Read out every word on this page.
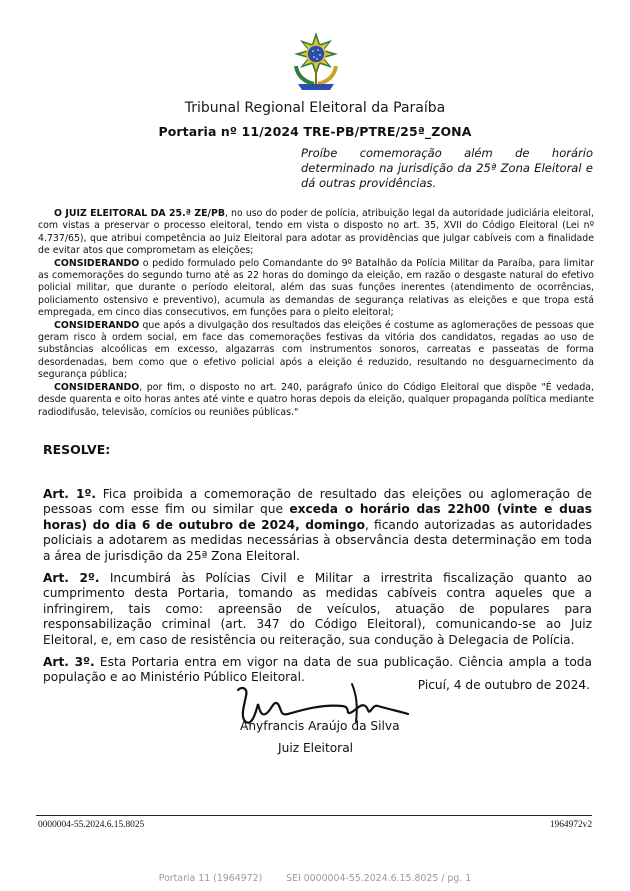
Tribunal Regional Eleitoral da Paraíba
Portaria nº 11/2024 TRE-PB/PTRE/25ª_ZONA
Proíbe comemoração além de horário determinado na jurisdição da 25ª Zona Eleitoral e dá outras providências.

O JUIZ ELEITORAL DA 25.ª ZE/PB, no uso do poder de polícia, atribuição legal da autoridade judiciária eleitoral, com vistas a preservar o processo eleitoral, tendo em vista o disposto no art. 35, XVII do Código Eleitoral (Lei nº 4.737/65), que atribui competência ao Juiz Eleitoral para adotar as providências que julgar cabíveis com a finalidade de evitar atos que comprometam as eleições;

CONSIDERANDO o pedido formulado pelo Comandante do 9º Batalhão da Polícia Militar da Paraíba, para limitar as comemorações do segundo turno até as 22 horas do domingo da eleição, em razão o desgaste natural do efetivo policial militar, que durante o período eleitoral, além das suas funções inerentes (atendimento de ocorrências, policiamento ostensivo e preventivo), acumula as demandas de segurança relativas as eleições e que tropa está empregada, em cinco dias consecutivos, em funções para o pleito eleitoral;

CONSIDERANDO que após a divulgação dos resultados das eleições é costume as aglomerações de pessoas que geram risco à ordem social, em face das comemorações festivas da vitória dos candidatos, regadas ao uso de substâncias alcoólicas em excesso, algazarras com instrumentos sonoros, carreatas e passeatas de forma desordenadas, bem como que o efetivo policial após a eleição é reduzido, resultando no desguarnecimento da segurança pública;

CONSIDERANDO, por fim, o disposto no art. 240, parágrafo único do Código Eleitoral que dispõe "É vedada, desde quarenta e oito horas antes até vinte e quatro horas depois da eleição, qualquer propaganda política mediante radiodifusão, televisão, comícios ou reuniões públicas."

RESOLVE:

Art. 1º. Fica proibida a comemoração de resultado das eleições ou aglomeração de pessoas com esse fim ou similar que exceda o horário das 22h00 (vinte e duas horas) do dia 6 de outubro de 2024, domingo, ficando autorizadas as autoridades policiais a adotarem as medidas necessárias à observância desta determinação em toda a área de jurisdição da 25ª Zona Eleitoral.

Art. 2º. Incumbirá às Polícias Civil e Militar a irrestrita fiscalização quanto ao cumprimento desta Portaria, tomando as medidas cabíveis contra aqueles que a infringirem, tais como: apreensão de veículos, atuação de populares para responsabilização criminal (art. 347 do Código Eleitoral), comunicando-se ao Juiz Eleitoral, e, em caso de resistência ou reiteração, sua condução à Delegacia de Polícia.

Art. 3º. Esta Portaria entra em vigor na data de sua publicação. Ciência ampla a toda população e ao Ministério Público Eleitoral.

Picuí, 4 de outubro de 2024.
Anyfrancis Araújo da Silva
Juiz Eleitoral
0000004-55.2024.6.15.8025	1964972v2
Portaria 11 (1964972)        SEI 0000004-55.2024.6.15.8025 / pg. 1
